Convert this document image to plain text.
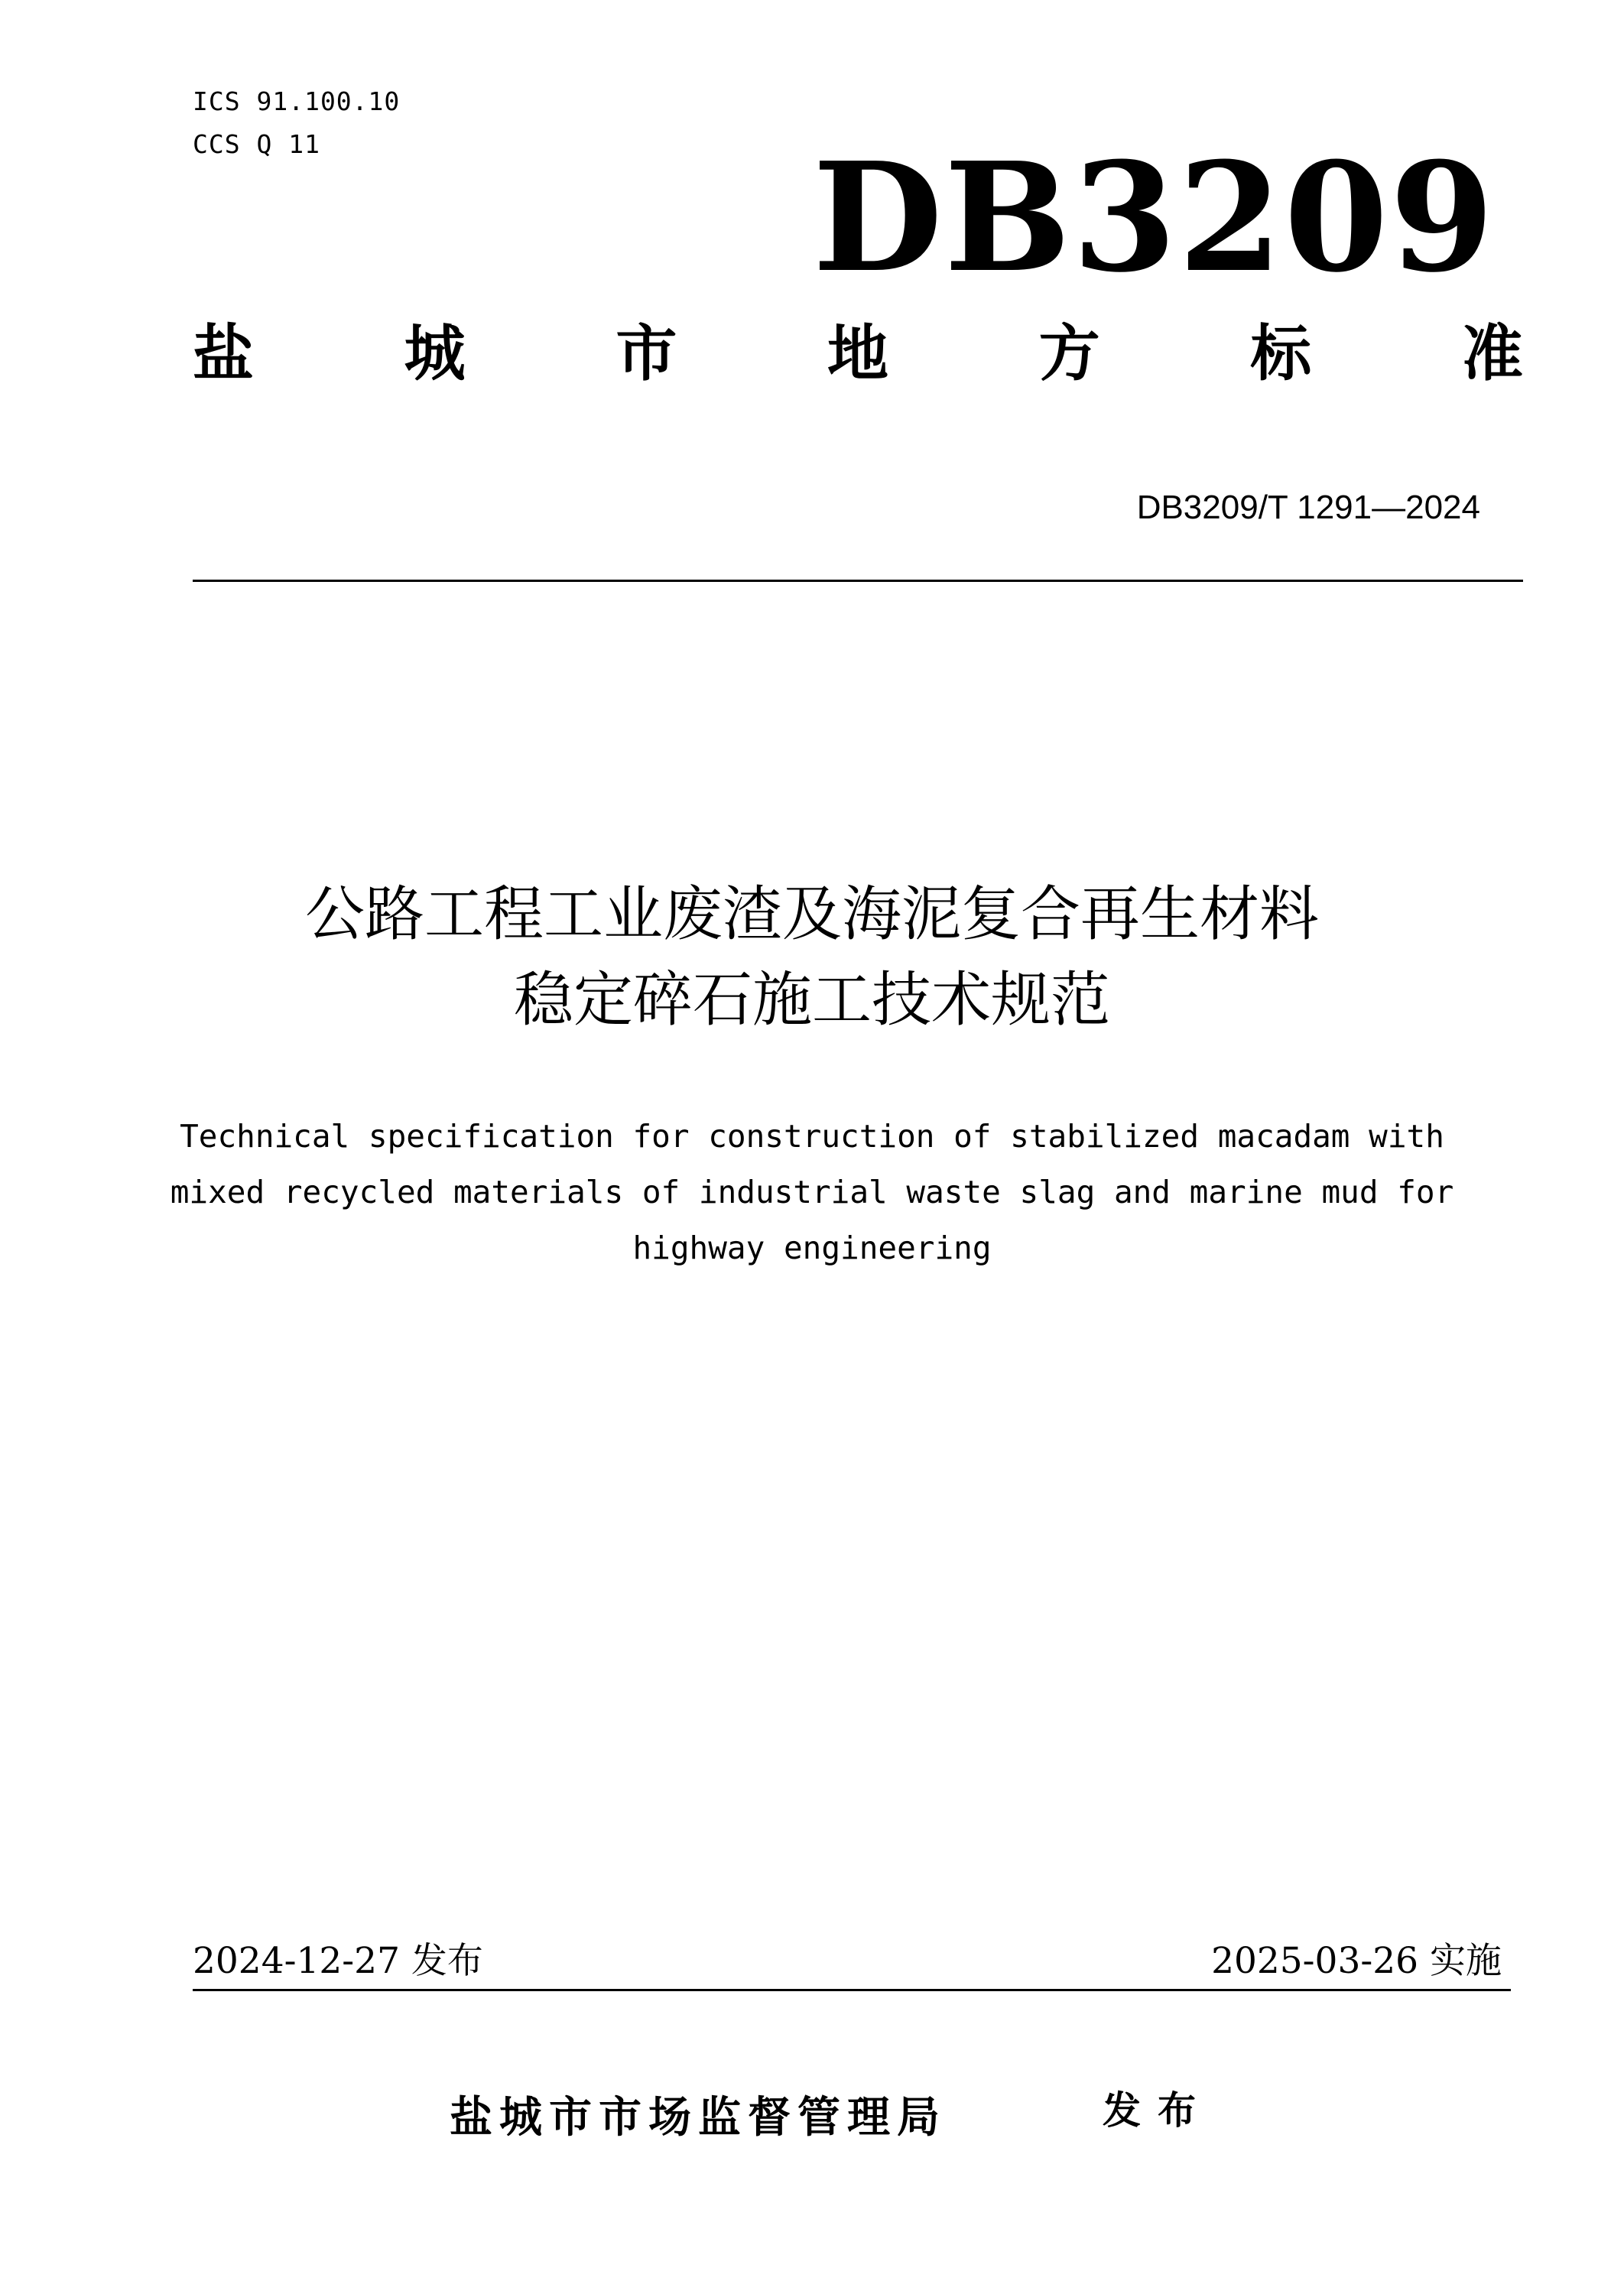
ICS 91.100.10
CCS Q 11	DB3209
盐 城 市 地 方 标 准
DB3209/T 1291—2024
公路工程工业废渣及海泥复合再生材料
稳定碎石施工技术规范
Technical specification for construction of stabilized macadam with
mixed recycled materials of industrial waste slag and marine mud for
highway engineering
2024-12-27 发布	2025-03-26 实施
盐城市市场监督管理局	发布
